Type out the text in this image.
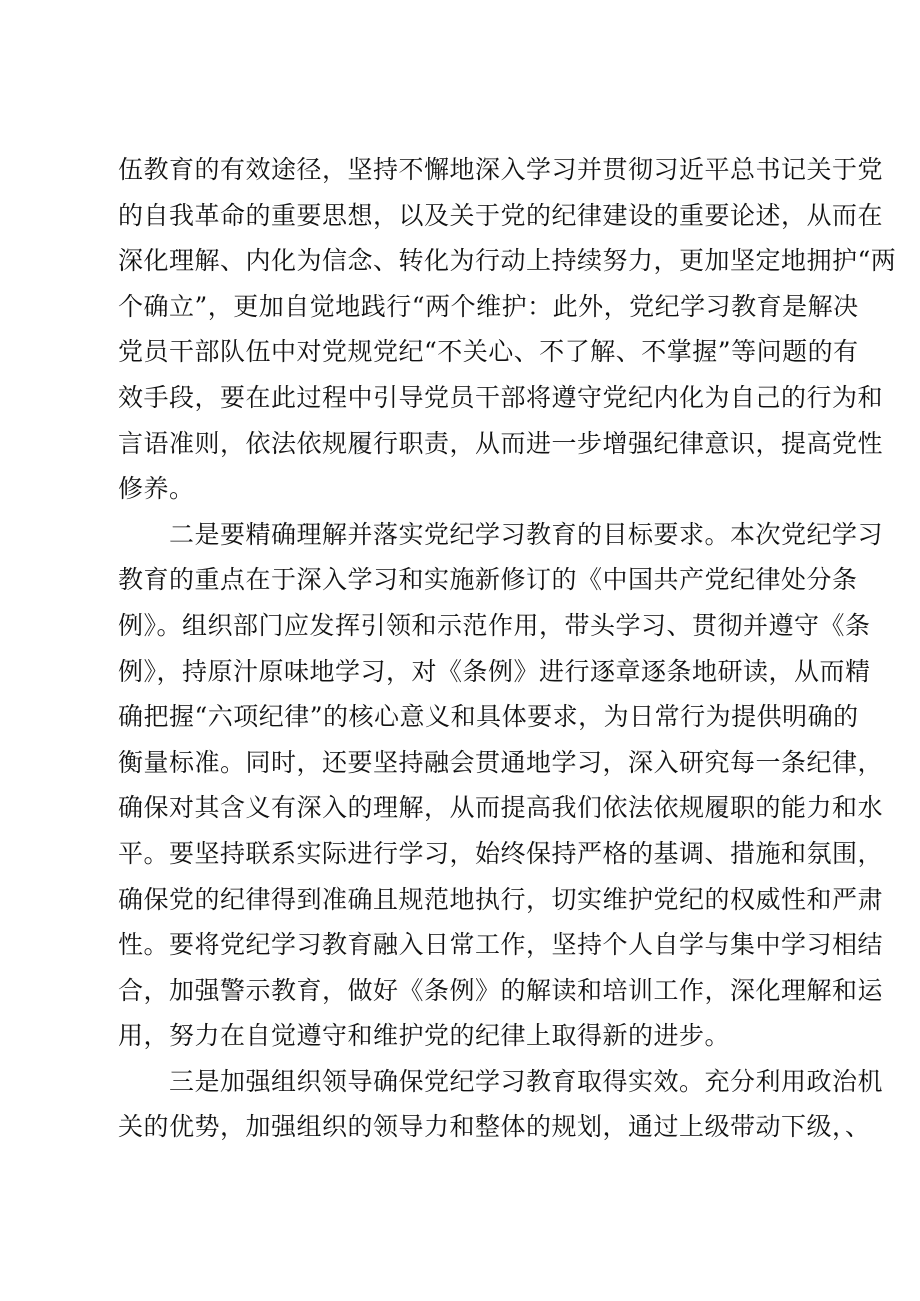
伍教育的有效途径，坚持不懈地深入学习并贯彻习近平总书记关于党
的自我革命的重要思想，以及关于党的纪律建设的重要论述，从而在
深化理解、内化为信念、转化为行动上持续努力，更加坚定地拥护“两
个确立”，更加自觉地践行“两个维护：此外，党纪学习教育是解决
党员干部队伍中对党规党纪“不关心、不了解、不掌握”等问题的有
效手段，要在此过程中引导党员干部将遵守党纪内化为自己的行为和
言语准则，依法依规履行职责，从而进一步增强纪律意识，提高党性
修养。
　　二是要精确理解并落实党纪学习教育的目标要求。本次党纪学习
教育的重点在于深入学习和实施新修订的《中国共产党纪律处分条
例》。组织部门应发挥引领和示范作用，带头学习、贯彻并遵守《条
例》，持原汁原味地学习，对《条例》进行逐章逐条地研读，从而精
确把握“六项纪律”的核心意义和具体要求，为日常行为提供明确的
衡量标准。同时，还要坚持融会贯通地学习，深入研究每一条纪律，
确保对其含义有深入的理解，从而提高我们依法依规履职的能力和水
平。要坚持联系实际进行学习，始终保持严格的基调、措施和氛围，
确保党的纪律得到准确且规范地执行，切实维护党纪的权威性和严肃
性。要将党纪学习教育融入日常工作，坚持个人自学与集中学习相结
合，加强警示教育，做好《条例》的解读和培训工作，深化理解和运
用，努力在自觉遵守和维护党的纪律上取得新的进步。
　　三是加强组织领导确保党纪学习教育取得实效。充分利用政治机
关的优势，加强组织的领导力和整体的规划，通过上级带动下级，、
